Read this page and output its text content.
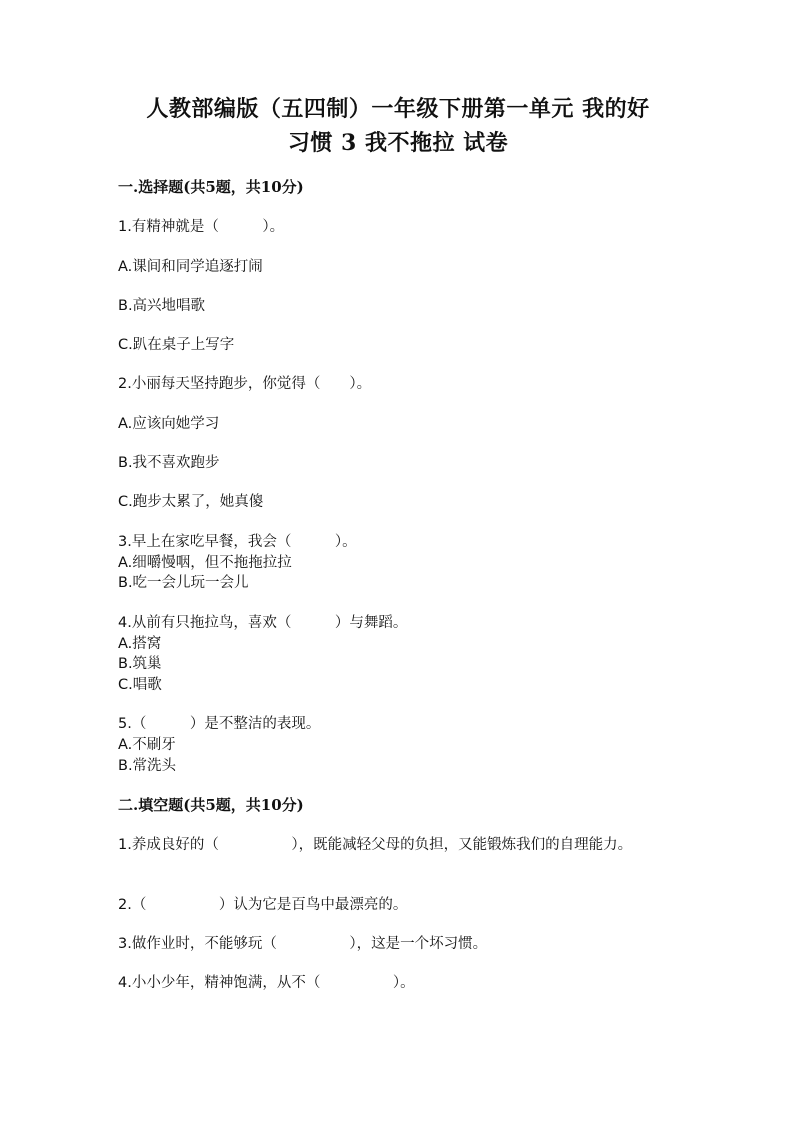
人教部编版（五四制）一年级下册第一单元 我的好
习惯 3 我不拖拉 试卷
一.选择题(共5题，共10分)
1.有精神就是（　　　）。
A.课间和同学追逐打闹
B.高兴地唱歌
C.趴在桌子上写字
2.小丽每天坚持跑步，你觉得（　　）。
A.应该向她学习
B.我不喜欢跑步
C.跑步太累了，她真傻
3.早上在家吃早餐，我会（　　　）。
A.细嚼慢咽，但不拖拖拉拉
B.吃一会儿玩一会儿
4.从前有只拖拉鸟，喜欢（　　　）与舞蹈。
A.搭窝
B.筑巢
C.唱歌
5.（　　　）是不整洁的表现。
A.不刷牙
B.常洗头
二.填空题(共5题，共10分)
1.养成良好的（　　　　　），既能减轻父母的负担，又能锻炼我们的自理能力。
2.（　　　　　）认为它是百鸟中最漂亮的。
3.做作业时，不能够玩（　　　　　），这是一个坏习惯。
4.小小少年，精神饱满，从不（　　　　　）。
